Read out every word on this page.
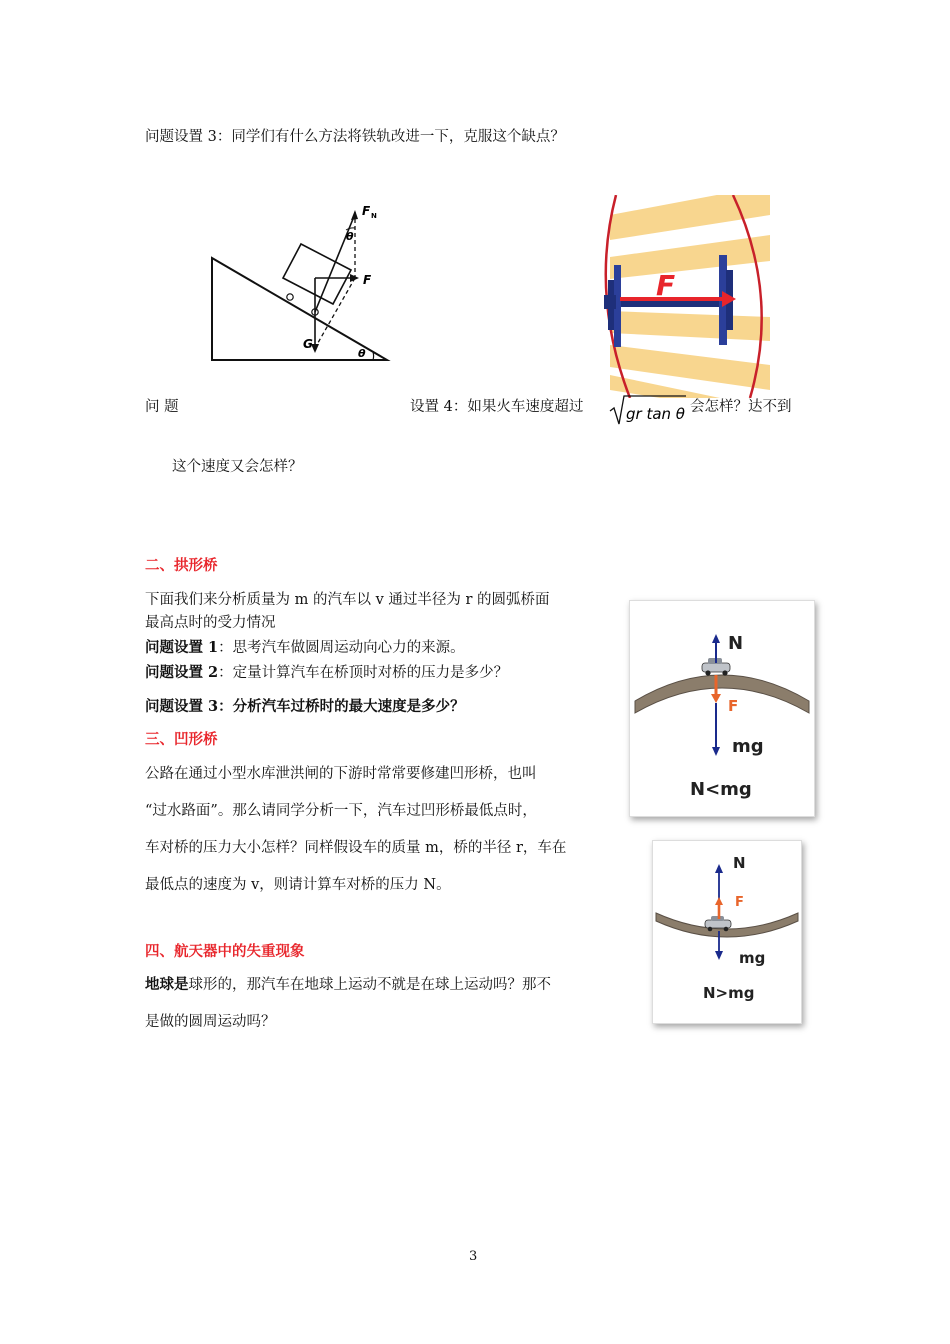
问题设置 3：同学们有什么方法将铁轨改进一下，克服这个缺点？
F N
θ
F
G
θ
F
问 题	设置 4：如果火车速度超过	gr tan θ 会怎样？达不到
这个速度又会怎样？
二、拱形桥
下面我们来分析质量为 m 的汽车以 v 通过半径为 r 的圆弧桥面
最高点时的受力情况
问题设置 1：思考汽车做圆周运动向心力的来源。
问题设置 2：定量计算汽车在桥顶时对桥的压力是多少？
问题设置 3：分析汽车过桥时的最大速度是多少？
N
F
mg
N<mg
三、凹形桥
公路在通过小型水库泄洪闸的下游时常常要修建凹形桥，也叫
“过水路面”。那么请同学分析一下，汽车过凹形桥最低点时，
车对桥的压力大小怎样？同样假设车的质量 m，桥的半径 r，车在
最低点的速度为 v，则请计算车对桥的压力 N。
N
F
mg
N>mg
四、航天器中的失重现象
地球是球形的，那汽车在地球上运动不就是在球上运动吗？那不
是做的圆周运动吗？
3
